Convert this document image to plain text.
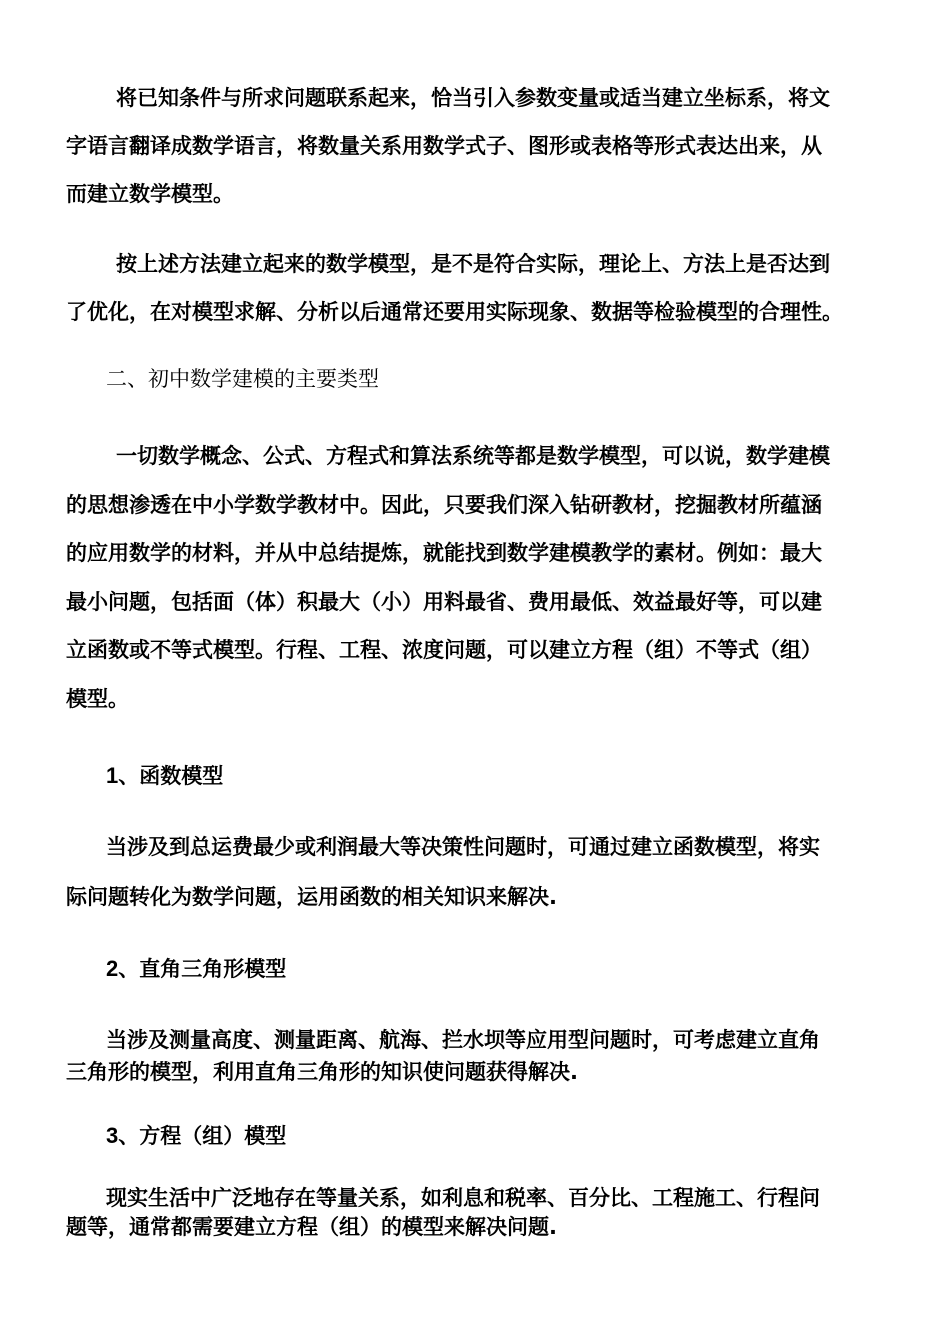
将已知条件与所求问题联系起来，恰当引入参数变量或适当建立坐标系，将文
字语言翻译成数学语言，将数量关系用数学式子、图形或表格等形式表达出来，从
而建立数学模型。

按上述方法建立起来的数学模型，是不是符合实际，理论上、方法上是否达到
了优化，在对模型求解、分析以后通常还要用实际现象、数据等检验模型的合理性。

二、初中数学建模的主要类型

一切数学概念、公式、方程式和算法系统等都是数学模型，可以说，数学建模
的思想渗透在中小学数学教材中。因此，只要我们深入钻研教材，挖掘教材所蕴涵
的应用数学的材料，并从中总结提炼，就能找到数学建模教学的素材。例如：最大
最小问题，包括面（体）积最大（小）用料最省、费用最低、效益最好等，可以建
立函数或不等式模型。行程、工程、浓度问题，可以建立方程（组）不等式（组）
模型。

1、函数模型

当涉及到总运费最少或利润最大等决策性问题时，可通过建立函数模型，将实
际问题转化为数学问题，运用函数的相关知识来解决.

2、直角三角形模型

当涉及测量高度、测量距离、航海、拦水坝等应用型问题时，可考虑建立直角
三角形的模型，利用直角三角形的知识使问题获得解决.

3、方程（组）模型

现实生活中广泛地存在等量关系，如利息和税率、百分比、工程施工、行程问
题等，通常都需要建立方程（组）的模型来解决问题.
